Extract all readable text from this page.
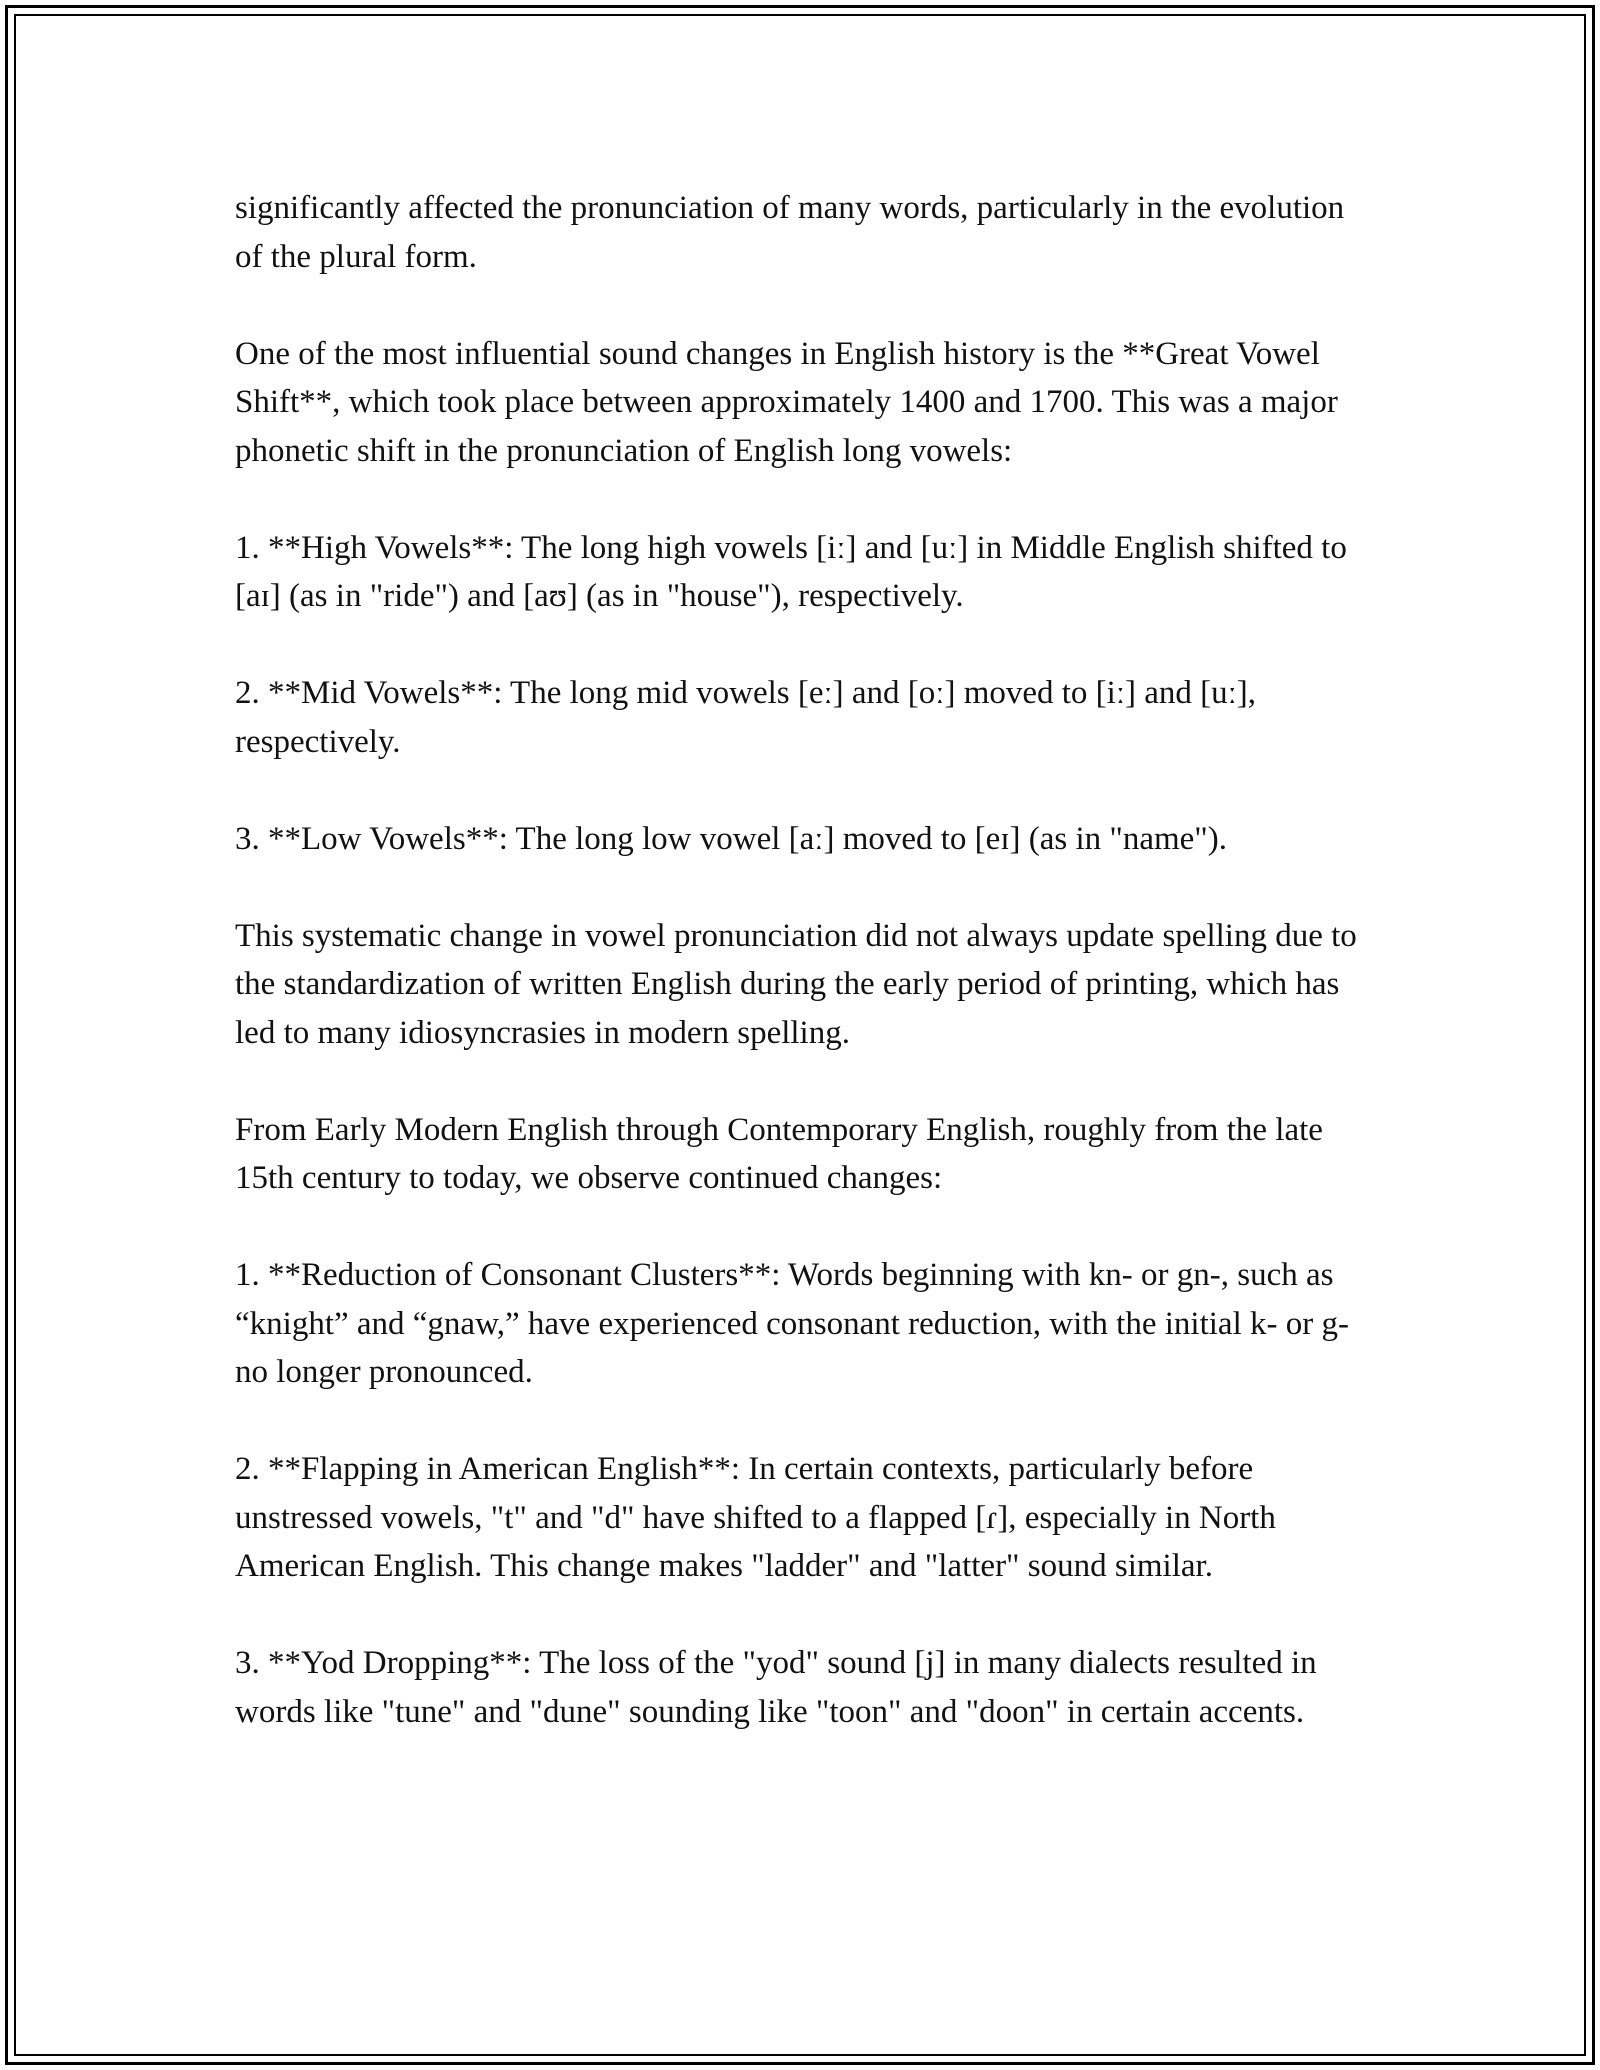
significantly affected the pronunciation of many words, particularly in the evolution of the plural form.

One of the most influential sound changes in English history is the **Great Vowel Shift**, which took place between approximately 1400 and 1700. This was a major phonetic shift in the pronunciation of English long vowels:

1. **High Vowels**: The long high vowels [iː] and [uː] in Middle English shifted to [aɪ] (as in "ride") and [aʊ] (as in "house"), respectively.

2. **Mid Vowels**: The long mid vowels [eː] and [oː] moved to [iː] and [uː], respectively.

3. **Low Vowels**: The long low vowel [aː] moved to [eɪ] (as in "name").

This systematic change in vowel pronunciation did not always update spelling due to the standardization of written English during the early period of printing, which has led to many idiosyncrasies in modern spelling.

From Early Modern English through Contemporary English, roughly from the late 15th century to today, we observe continued changes:

1. **Reduction of Consonant Clusters**: Words beginning with kn- or gn-, such as “knight” and “gnaw,” have experienced consonant reduction, with the initial k- or g- no longer pronounced.

2. **Flapping in American English**: In certain contexts, particularly before unstressed vowels, "t" and "d" have shifted to a flapped [ɾ], especially in North American English. This change makes "ladder" and "latter" sound similar.

3. **Yod Dropping**: The loss of the "yod" sound [j] in many dialects resulted in words like "tune" and "dune" sounding like "toon" and "doon" in certain accents.
